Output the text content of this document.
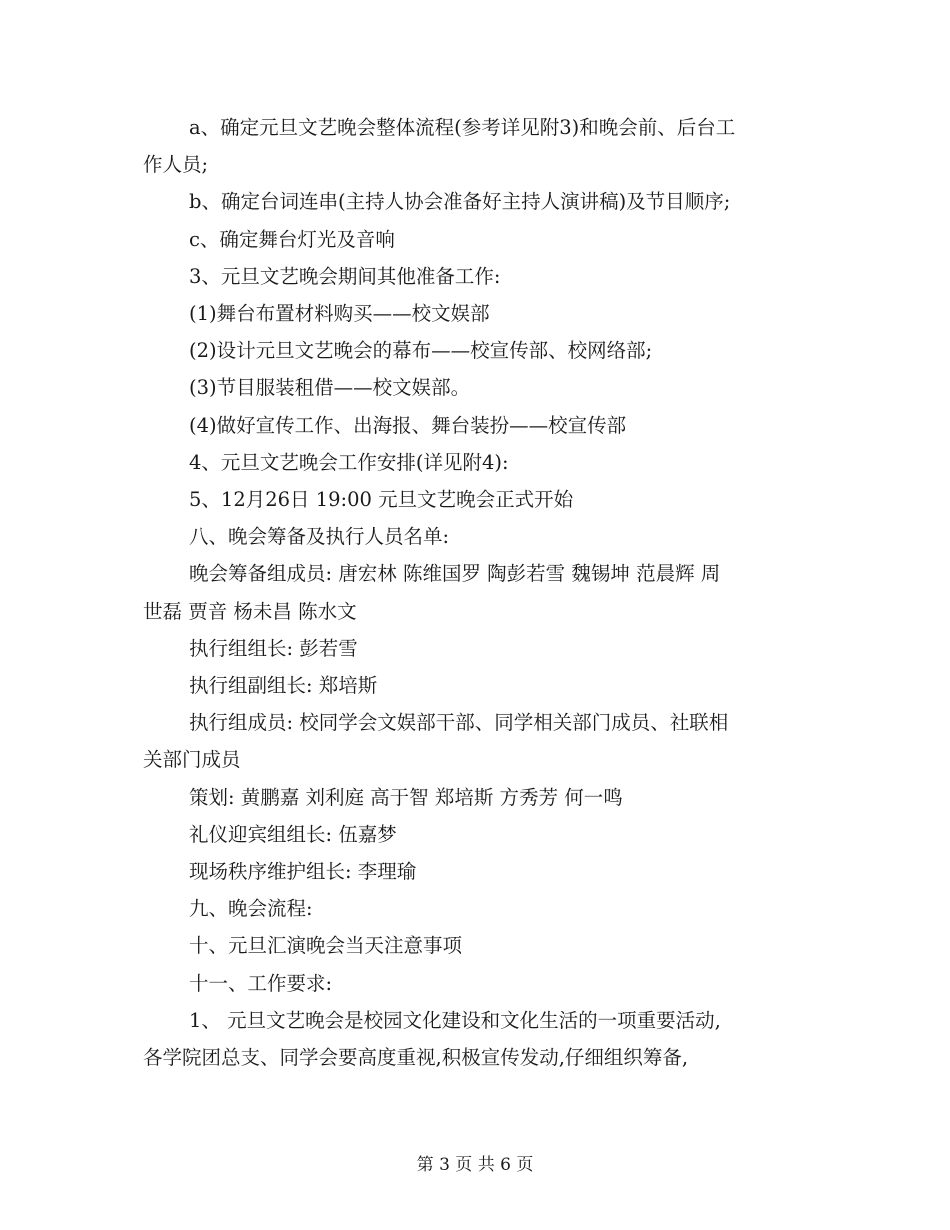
a、确定元旦文艺晚会整体流程(参考详见附3)和晚会前、后台工

作人员;

b、确定台词连串(主持人协会准备好主持人演讲稿)及节目顺序;

c、确定舞台灯光及音响

3、元旦文艺晚会期间其他准备工作:

(1)舞台布置材料购买——校文娱部

(2)设计元旦文艺晚会的幕布——校宣传部、校网络部;

(3)节目服装租借——校文娱部。

(4)做好宣传工作、出海报、舞台装扮——校宣传部

4、元旦文艺晚会工作安排(详见附4):

5、12月26日 19:00 元旦文艺晚会正式开始

八、晚会筹备及执行人员名单:

晚会筹备组成员: 唐宏林 陈维国罗 陶彭若雪 魏锡坤 范晨辉 周

世磊 贾音 杨未昌 陈水文

执行组组长: 彭若雪

执行组副组长: 郑培斯

执行组成员: 校同学会文娱部干部、同学相关部门成员、社联相

关部门成员

策划: 黄鹏嘉 刘利庭 高于智 郑培斯 方秀芳 何一鸣

礼仪迎宾组组长: 伍嘉梦

现场秩序维护组长: 李理瑜

九、晚会流程:

十、元旦汇演晚会当天注意事项

十一、工作要求:

1、 元旦文艺晚会是校园文化建设和文化生活的一项重要活动,

各学院团总支、同学会要高度重视,积极宣传发动,仔细组织筹备,

第 3 页 共 6 页
